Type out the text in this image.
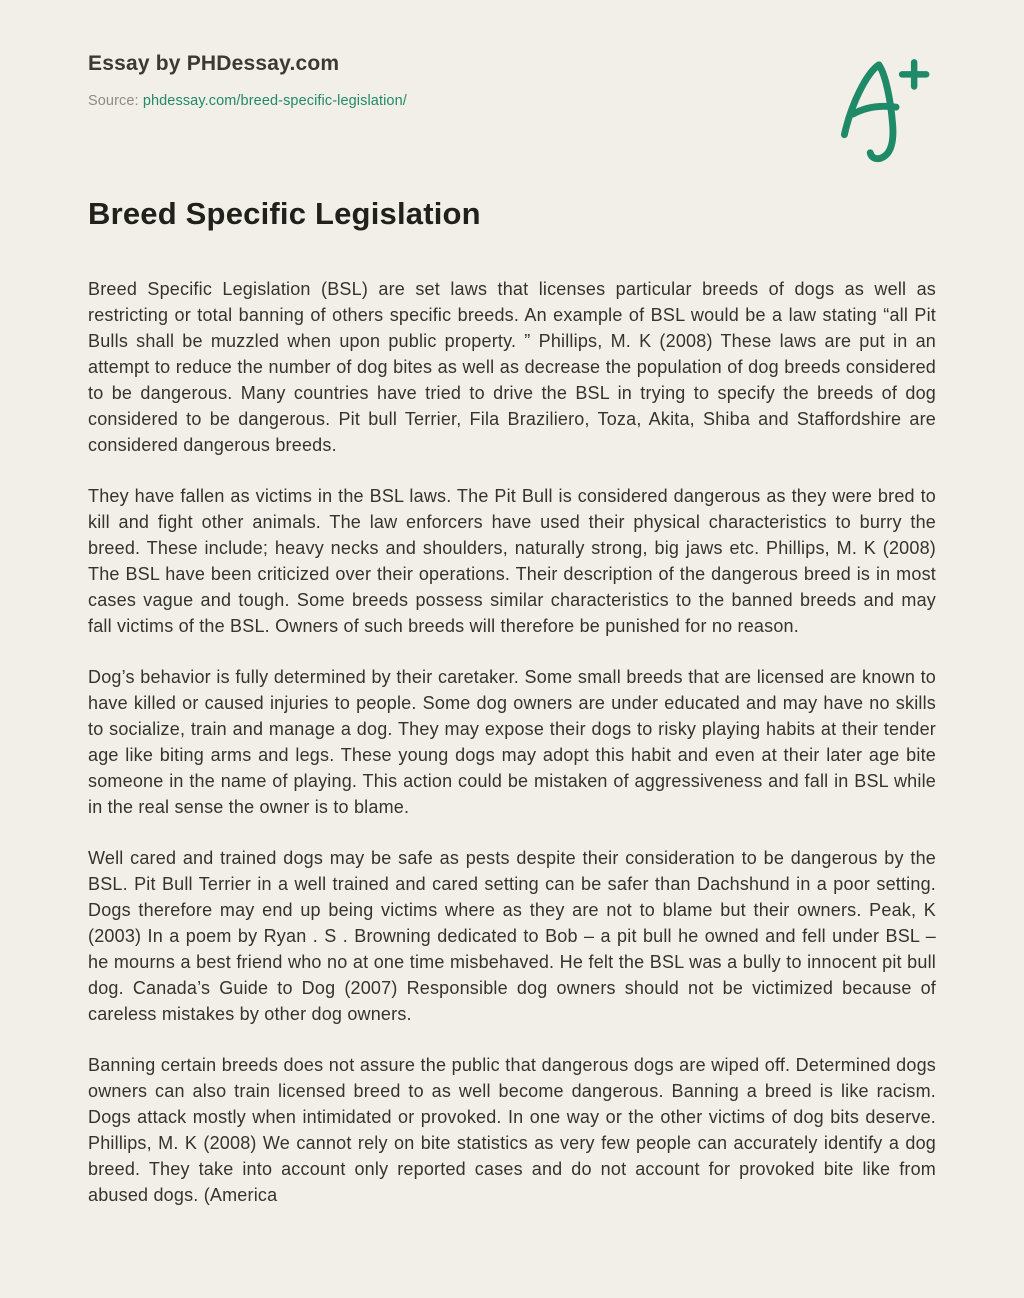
Essay by PHDessay.com
Source: phdessay.com/breed-specific-legislation/
Breed Specific Legislation

Breed Specific Legislation (BSL) are set laws that licenses particular breeds of dogs as well as restricting or total banning of others specific breeds. An example of BSL would be a law stating “all Pit Bulls shall be muzzled when upon public property. ” Phillips, M. K (2008) These laws are put in an attempt to reduce the number of dog bites as well as decrease the population of dog breeds considered to be dangerous. Many countries have tried to drive the BSL in trying to specify the breeds of dog considered to be dangerous. Pit bull Terrier, Fila Braziliero, Toza, Akita, Shiba and Staffordshire are considered dangerous breeds.

They have fallen as victims in the BSL laws. The Pit Bull is considered dangerous as they were bred to kill and fight other animals. The law enforcers have used their physical characteristics to burry the breed. These include; heavy necks and shoulders, naturally strong, big jaws etc. Phillips, M. K (2008) The BSL have been criticized over their operations. Their description of the dangerous breed is in most cases vague and tough. Some breeds possess similar characteristics to the banned breeds and may fall victims of the BSL. Owners of such breeds will therefore be punished for no reason.

Dog’s behavior is fully determined by their caretaker. Some small breeds that are licensed are known to have killed or caused injuries to people. Some dog owners are under educated and may have no skills to socialize, train and manage a dog. They may expose their dogs to risky playing habits at their tender age like biting arms and legs. These young dogs may adopt this habit and even at their later age bite someone in the name of playing. This action could be mistaken of aggressiveness and fall in BSL while in the real sense the owner is to blame.

Well cared and trained dogs may be safe as pests despite their consideration to be dangerous by the BSL. Pit Bull Terrier in a well trained and cared setting can be safer than Dachshund in a poor setting. Dogs therefore may end up being victims where as they are not to blame but their owners. Peak, K (2003) In a poem by Ryan . S . Browning dedicated to Bob – a pit bull he owned and fell under BSL – he mourns a best friend who no at one time misbehaved. He felt the BSL was a bully to innocent pit bull dog. Canada’s Guide to Dog (2007) Responsible dog owners should not be victimized because of careless mistakes by other dog owners.

Banning certain breeds does not assure the public that dangerous dogs are wiped off. Determined dogs owners can also train licensed breed to as well become dangerous. Banning a breed is like racism. Dogs attack mostly when intimidated or provoked. In one way or the other victims of dog bits deserve. Phillips, M. K (2008) We cannot rely on bite statistics as very few people can accurately identify a dog breed. They take into account only reported cases and do not account for provoked bite like from abused dogs. (America
